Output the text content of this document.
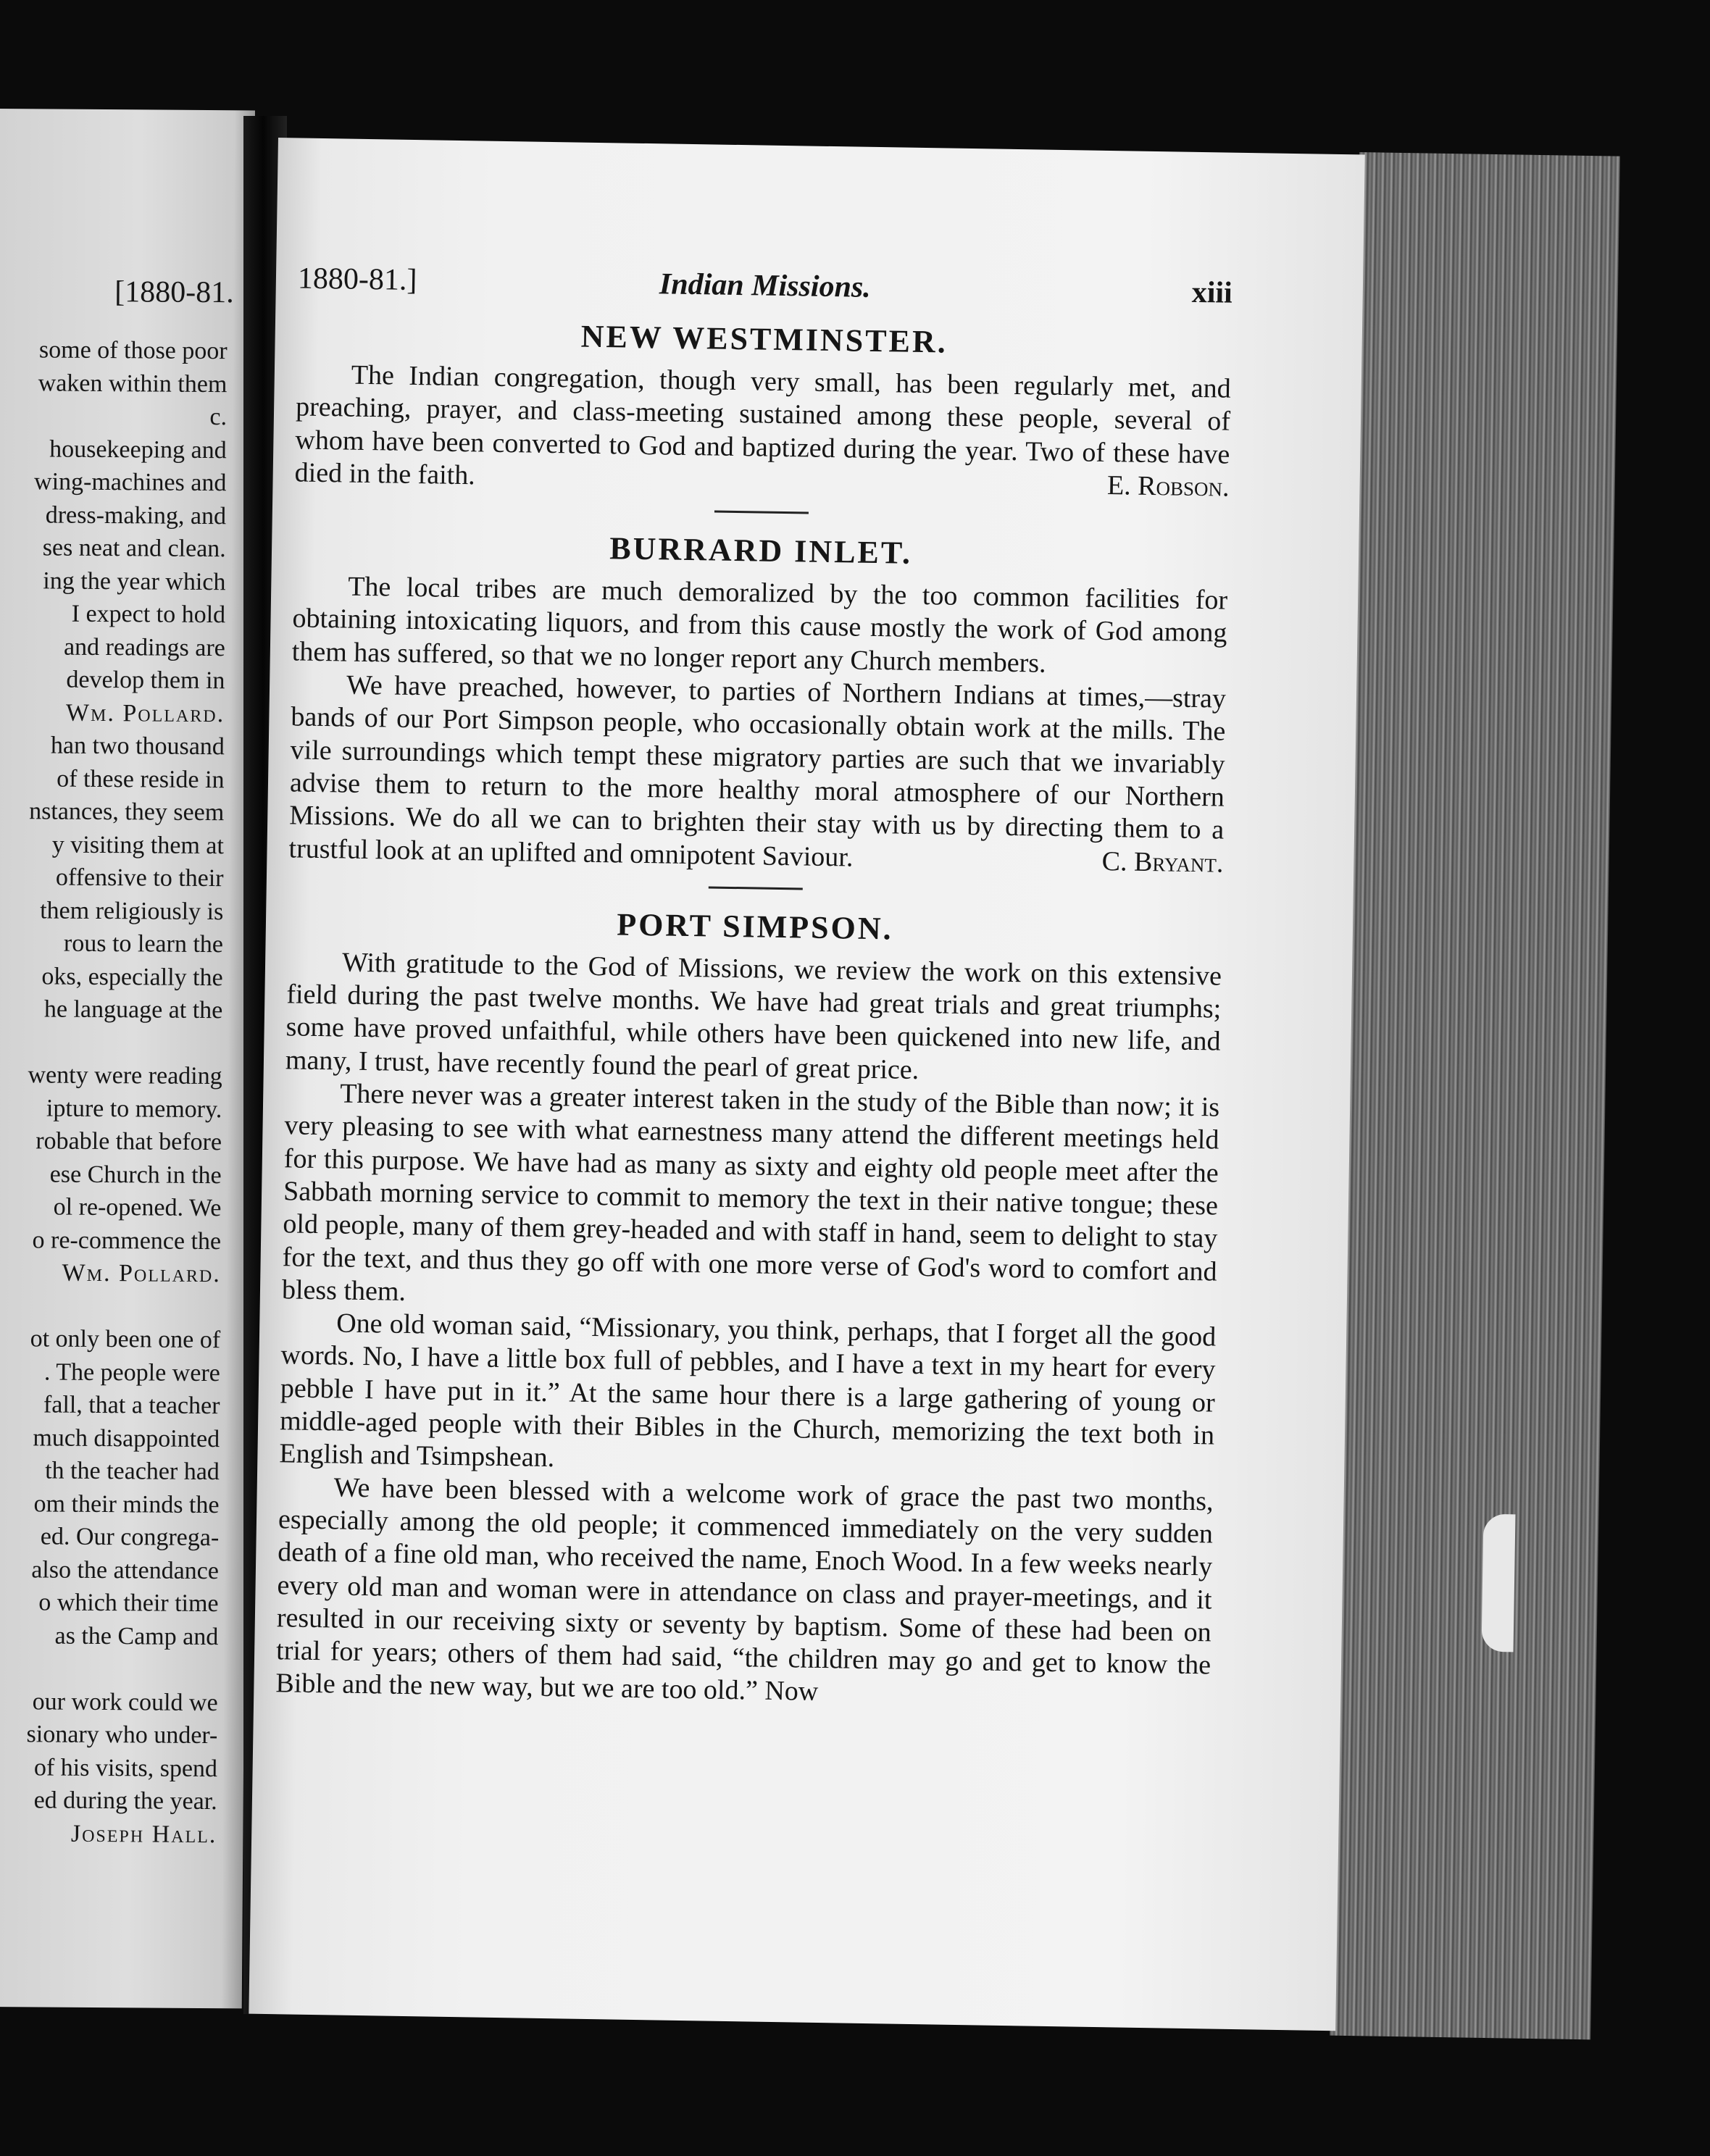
[1880-81.
some of those poor
waken within them
c.
housekeeping and
wing-machines and
dress-making, and
ses neat and clean.
ing the year which
I expect to hold
and readings are
develop them in
Wm. Pollard.
han two thousand
of these reside in
nstances, they seem
y visiting them at
offensive to their
them religiously is
rous to learn the
oks, especially the
he language at the
wenty were reading
ipture to memory.
robable that before
ese Church in the
ol re-opened. We
o re-commence the
Wm. Pollard.
ot only been one of
. The people were
fall, that a teacher
much disappointed
th the teacher had
om their minds the
ed. Our congrega-
also the attendance
o which their time
as the Camp and
our work could we
sionary who under-
of his visits, spend
ed during the year.
Joseph Hall.
1880-81.]	Indian Missions.	xiii
NEW WESTMINSTER.

The Indian congregation, though very small, has been regularly met, and preaching, prayer, and class-meeting sustained among these people, several of whom have been converted to God and baptized during the year. Two of these have died in the faith.	E. Robson.
BURRARD INLET.

The local tribes are much demoralized by the too common facilities for obtaining intoxicating liquors, and from this cause mostly the work of God among them has suffered, so that we no longer report any Church members.

We have preached, however, to parties of Northern Indians at times,—stray bands of our Port Simpson people, who occasionally obtain work at the mills. The vile surroundings which tempt these migratory parties are such that we invariably advise them to return to the more healthy moral atmosphere of our Northern Missions. We do all we can to brighten their stay with us by directing them to a trustful look at an uplifted and omnipotent Saviour.	C. Bryant.
PORT SIMPSON.

With gratitude to the God of Missions, we review the work on this extensive field during the past twelve months. We have had great trials and great triumphs; some have proved unfaithful, while others have been quickened into new life, and many, I trust, have recently found the pearl of great price.

There never was a greater interest taken in the study of the Bible than now; it is very pleasing to see with what earnestness many attend the different meetings held for this purpose. We have had as many as sixty and eighty old people meet after the Sabbath morning service to commit to memory the text in their native tongue; these old people, many of them grey-headed and with staff in hand, seem to delight to stay for the text, and thus they go off with one more verse of God's word to comfort and bless them.

One old woman said, “Missionary, you think, perhaps, that I forget all the good words. No, I have a little box full of pebbles, and I have a text in my heart for every pebble I have put in it.” At the same hour there is a large gathering of young or middle-aged people with their Bibles in the Church, memorizing the text both in English and Tsimpshean.

We have been blessed with a welcome work of grace the past two months, especially among the old people; it commenced immediately on the very sudden death of a fine old man, who received the name, Enoch Wood. In a few weeks nearly every old man and woman were in attendance on class and prayer-meetings, and it resulted in our receiving sixty or seventy by baptism. Some of these had been on trial for years; others of them had said, “the children may go and get to know the Bible and the new way, but we are too old.” Now
